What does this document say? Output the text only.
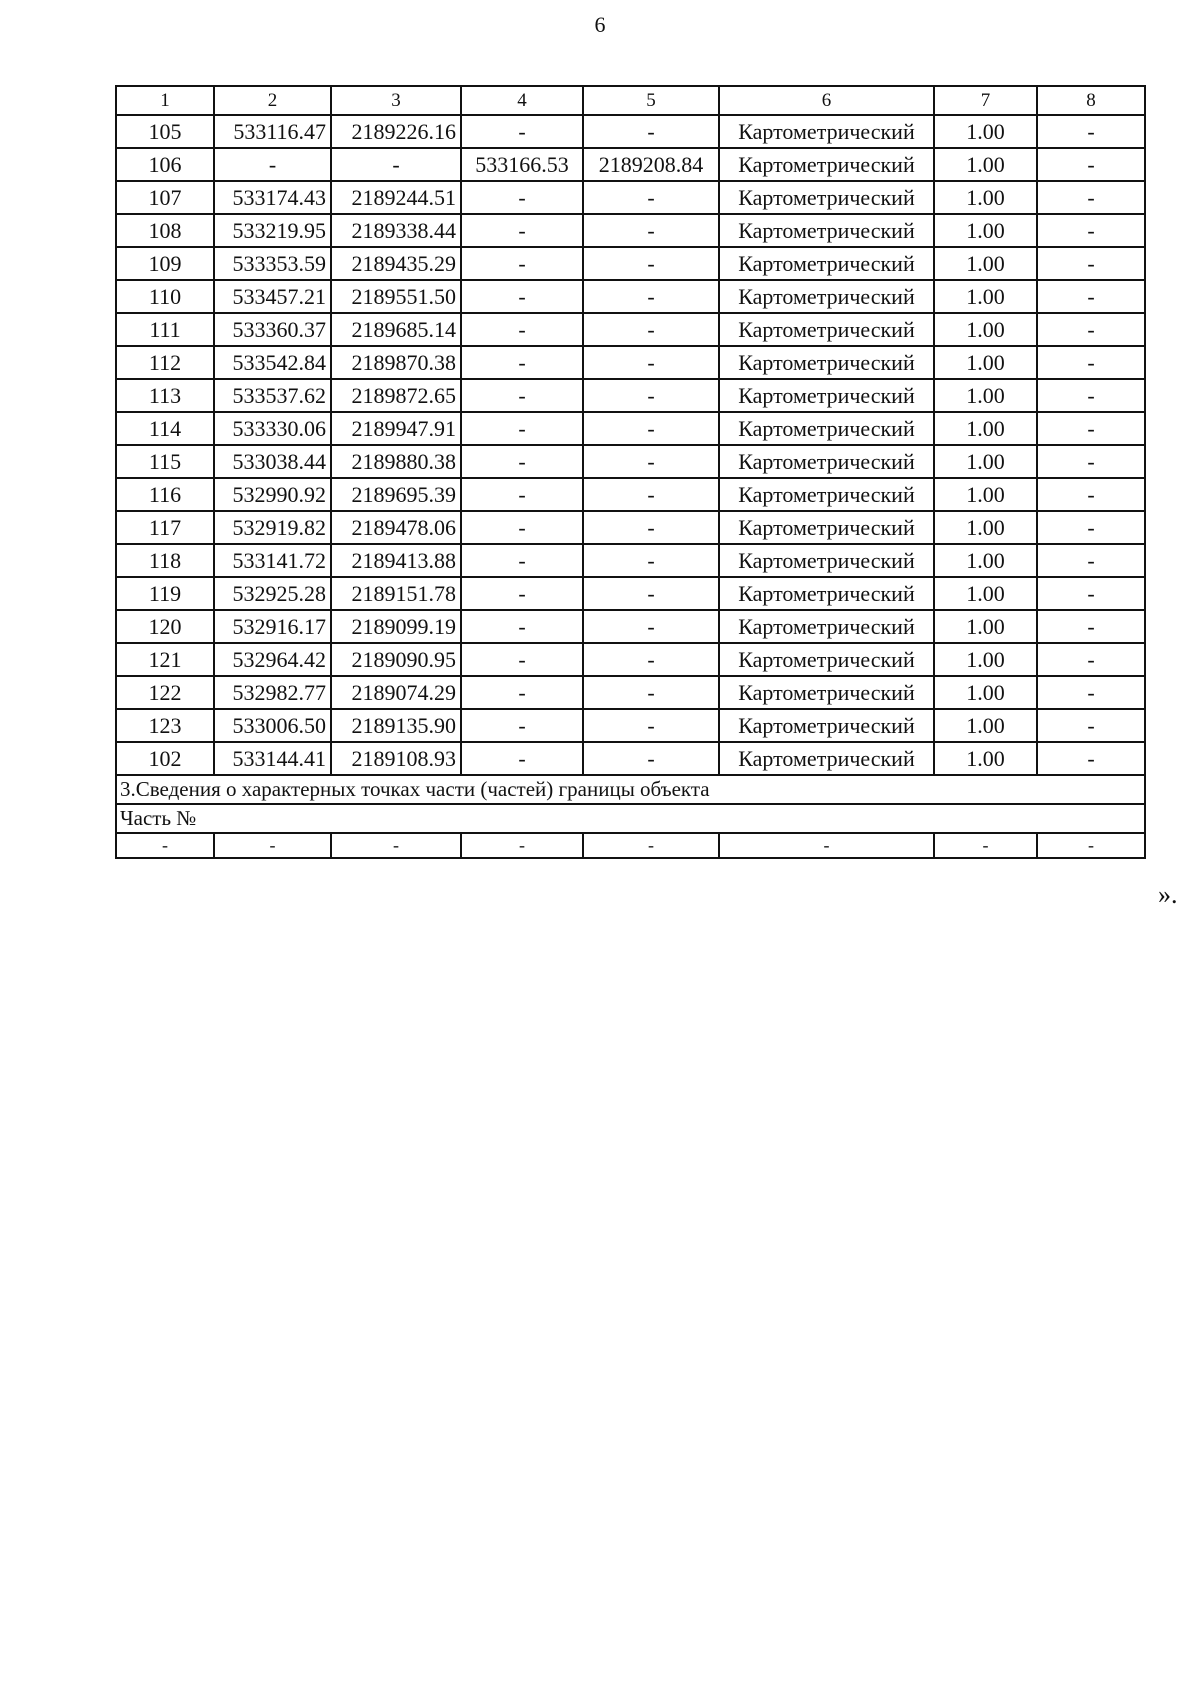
6
1	2	3	4	5	6	7	8
105	533116.47	2189226.16	-	-	Картометрический	1.00	-
106	-	-	533166.53	2189208.84	Картометрический	1.00	-
107	533174.43	2189244.51	-	-	Картометрический	1.00	-
108	533219.95	2189338.44	-	-	Картометрический	1.00	-
109	533353.59	2189435.29	-	-	Картометрический	1.00	-
110	533457.21	2189551.50	-	-	Картометрический	1.00	-
111	533360.37	2189685.14	-	-	Картометрический	1.00	-
112	533542.84	2189870.38	-	-	Картометрический	1.00	-
113	533537.62	2189872.65	-	-	Картометрический	1.00	-
114	533330.06	2189947.91	-	-	Картометрический	1.00	-
115	533038.44	2189880.38	-	-	Картометрический	1.00	-
116	532990.92	2189695.39	-	-	Картометрический	1.00	-
117	532919.82	2189478.06	-	-	Картометрический	1.00	-
118	533141.72	2189413.88	-	-	Картометрический	1.00	-
119	532925.28	2189151.78	-	-	Картометрический	1.00	-
120	532916.17	2189099.19	-	-	Картометрический	1.00	-
121	532964.42	2189090.95	-	-	Картометрический	1.00	-
122	532982.77	2189074.29	-	-	Картометрический	1.00	-
123	533006.50	2189135.90	-	-	Картометрический	1.00	-
102	533144.41	2189108.93	-	-	Картометрический	1.00	-
3.Сведения о характерных точках части (частей) границы объекта							
Часть №							
-	-	-	-	-	-	-	-
».
